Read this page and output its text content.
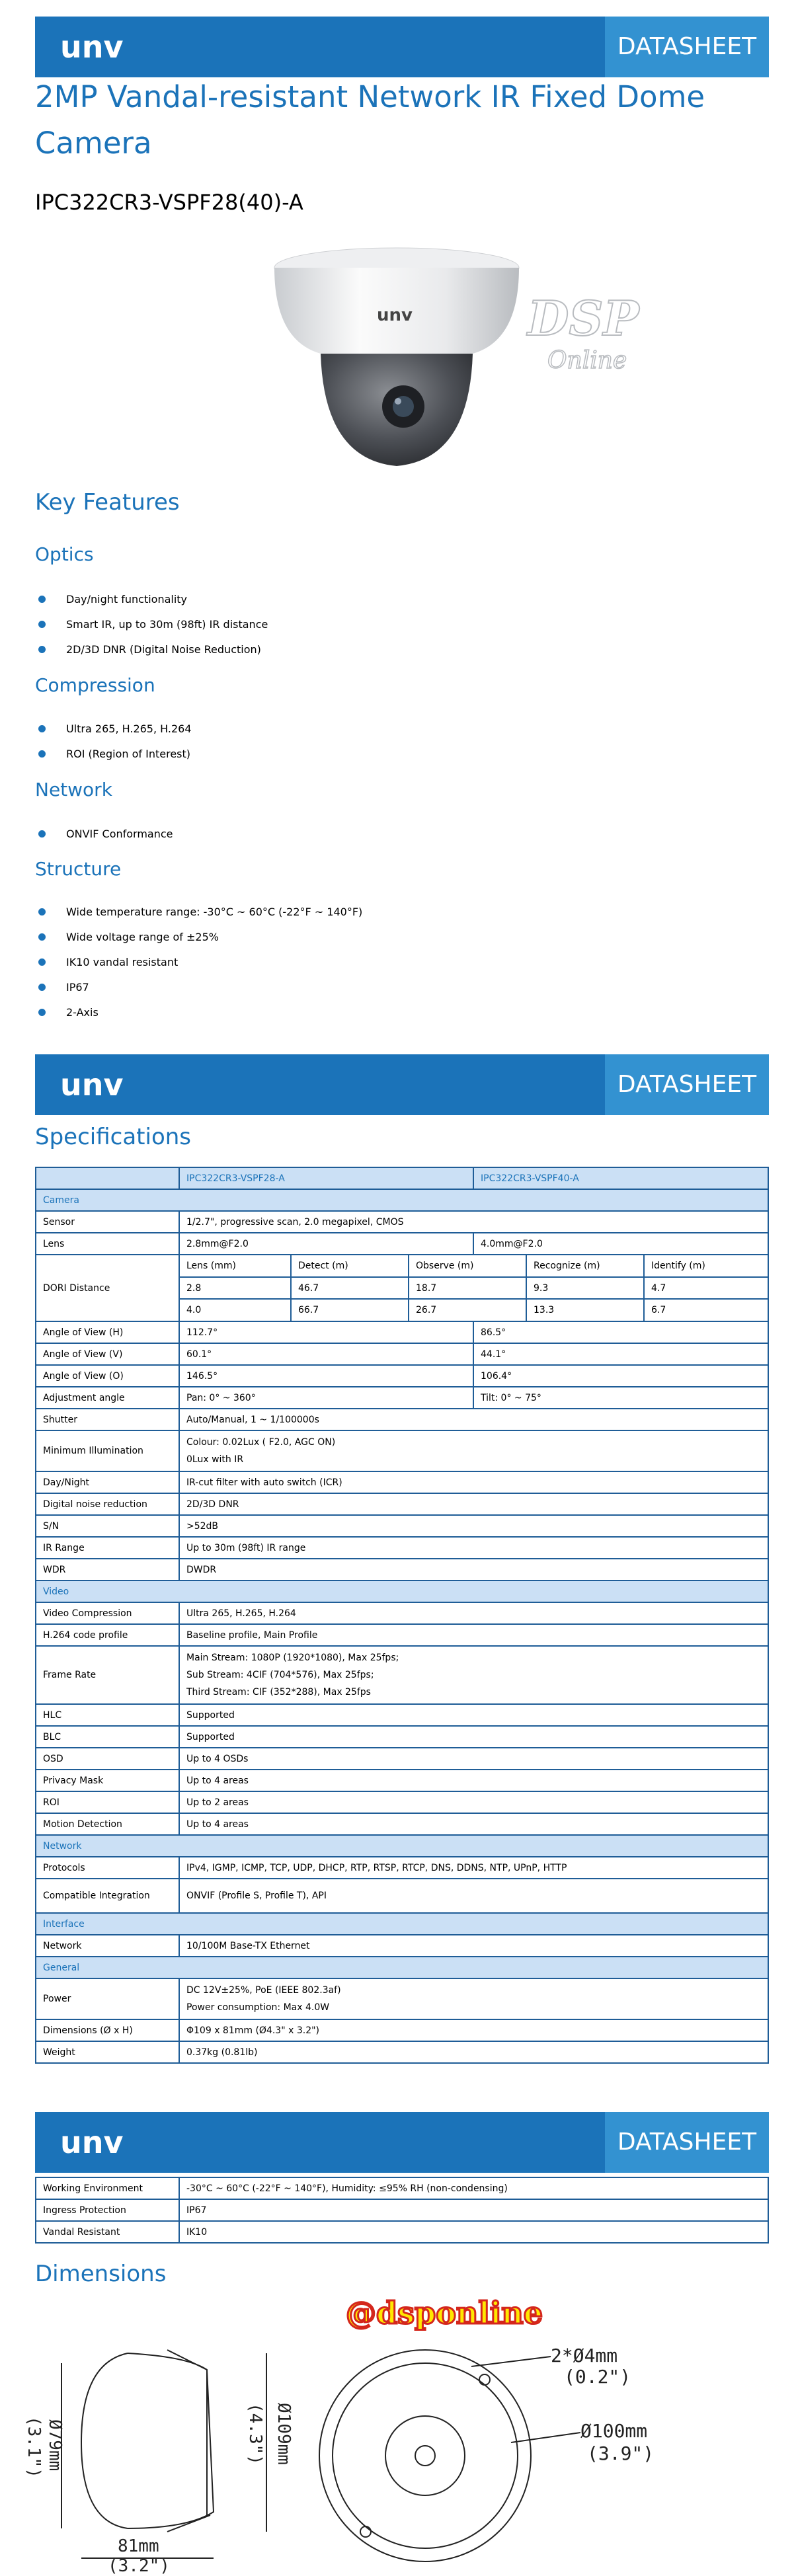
unv	DATASHEET
2MP Vandal-resistant Network IR Fixed Dome Camera
IPC322CR3-VSPF28(40)-A
unv DSP
Online
Key Features
Optics
Day/night functionality
Smart IR, up to 30m (98ft) IR distance
2D/3D DNR (Digital Noise Reduction)
Compression
Ultra 265, H.265, H.264
ROI (Region of Interest)
Network
ONVIF Conformance
Structure
Wide temperature range: -30°C ~ 60°C (-22°F ~ 140°F)
Wide voltage range of ±25%
IK10 vandal resistant
IP67
2-Axis
unv	DATASHEET
Specifications
	IPC322CR3-VSPF28-A	IPC322CR3-VSPF40-A
Camera
Sensor	1/2.7", progressive scan, 2.0 megapixel, CMOS
Lens	2.8mm@F2.0	4.0mm@F2.0
DORI Distance	
Lens (mm)	Detect (m)	Observe (m)	Recognize (m)	Identify (m)
2.8	46.7	18.7	9.3	4.7
4.0	66.7	26.7	13.3	6.7

Angle of View (H)	112.7°	86.5°
Angle of View (V)	60.1°	44.1°
Angle of View (O)	146.5°	106.4°
Adjustment angle	Pan: 0° ~ 360°	Tilt: 0° ~ 75°
Shutter	Auto/Manual, 1 ~ 1/100000s
Minimum Illumination	
Colour: 0.02Lux ( F2.0, AGC ON)
0Lux with IR

Day/Night	IR-cut filter with auto switch (ICR)
Digital noise reduction	2D/3D DNR
S/N	>52dB
IR Range	Up to 30m (98ft) IR range
WDR	DWDR
Video
Video Compression	Ultra 265, H.265, H.264
H.264 code profile	Baseline profile, Main Profile
Frame Rate	
Main Stream: 1080P (1920*1080), Max 25fps;
Sub Stream: 4CIF (704*576), Max 25fps;
Third Stream: CIF (352*288), Max 25fps

HLC	Supported
BLC	Supported
OSD	Up to 4 OSDs
Privacy Mask	Up to 4 areas
ROI	Up to 2 areas
Motion Detection	Up to 4 areas
Network
Protocols	IPv4, IGMP, ICMP, TCP, UDP, DHCP, RTP, RTSP, RTCP, DNS, DDNS, NTP, UPnP, HTTP
Compatible Integration	ONVIF (Profile S, Profile T), API
Interface
Network	10/100M Base-TX Ethernet
General
Power	
DC 12V±25%, PoE (IEEE 802.3af)
Power consumption: Max 4.0W

Dimensions (Ø x H)	Φ109 x 81mm (Ø4.3" x 3.2")
Weight	0.37kg (0.81lb)
unv	DATASHEET
Working Environment	-30°C ~ 60°C (-22°F ~ 140°F), Humidity: ≤95% RH (non-condensing)
Ingress Protection	IP67
Vandal Resistant	IK10
Dimensions
@dsponline
Ø79mm
(3.1")	Ø109mm
(4.3")
81mm
(3.2")
2*Ø4mm
(0.2")
Ø100mm
(3.9")
